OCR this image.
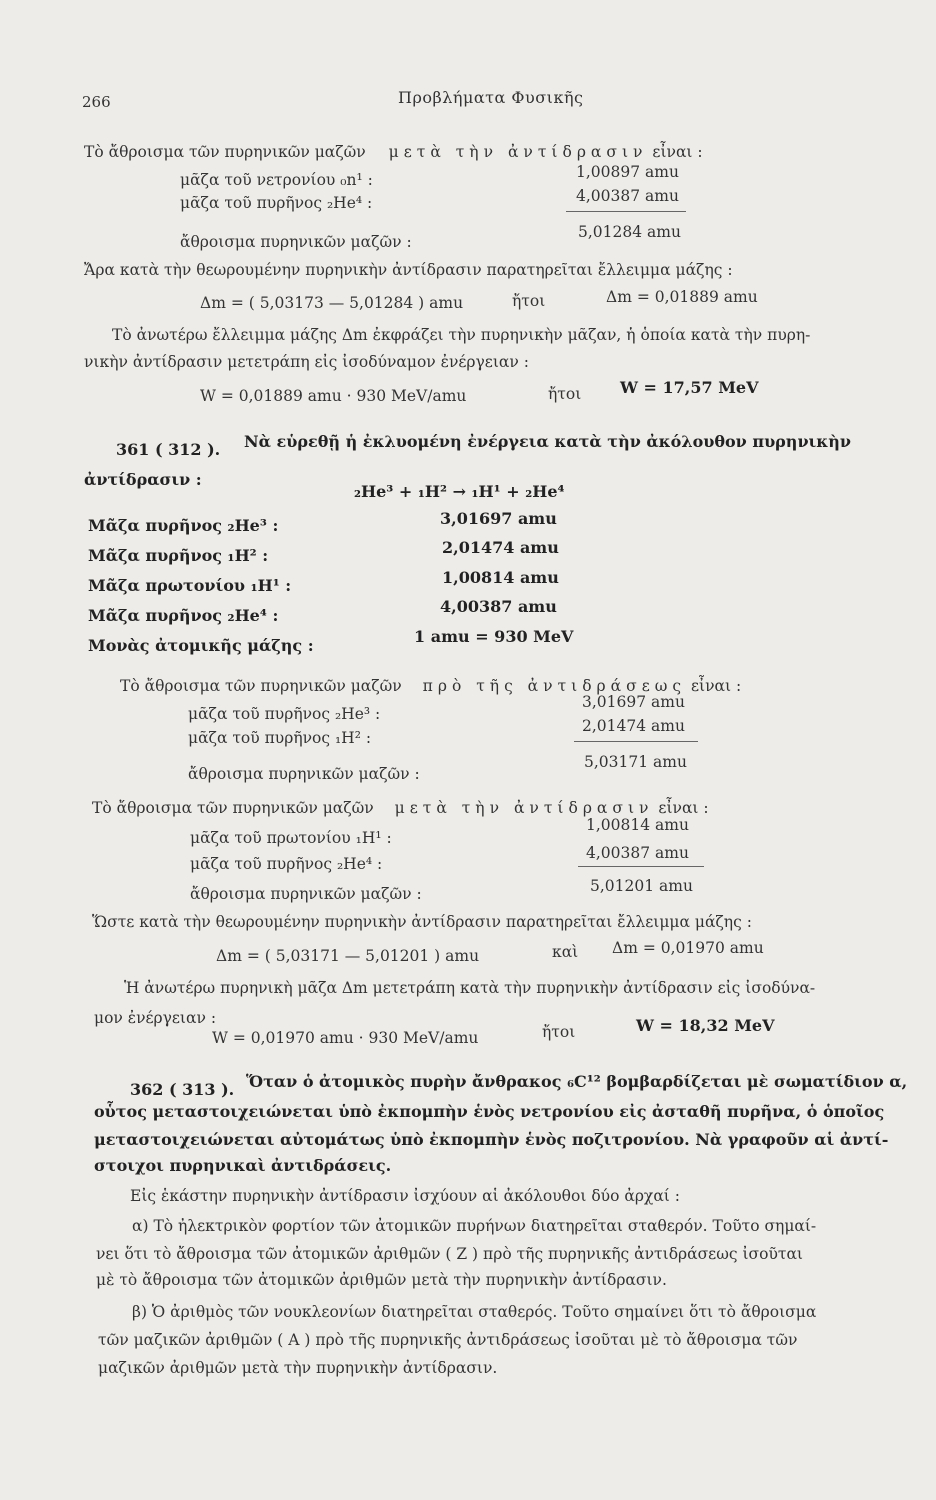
266	Προβλήματα Φυσικῆς
Τὸ ἄθροισμα τῶν πυρηνικῶν μαζῶν μετὰ τὴν ἀντίδρασιν εἶναι :
μᾶζα τοῦ νετρονίου ₀n¹ :	1,00897 amu
μᾶζα τοῦ πυρῆνος ₂He⁴ :	4,00387 amu
ἄθροισμα πυρηνικῶν μαζῶν :
5,01284 amu
Ἄρα κατὰ τὴν θεωρουμένην πυρηνικὴν ἀντίδρασιν παρατηρεῖται ἔλλειμμα μάζης :
Δm = ( 5,03173 — 5,01284 ) amu	ἤτοι	Δm = 0,01889 amu
Τὸ ἀνωτέρω ἔλλειμμα μάζης Δm ἐκφράζει τὴν πυρηνικὴν μᾶζαν, ἡ ὁποία κατὰ τὴν πυρη-
νικὴν ἀντίδρασιν μετετράπη εἰς ἰσοδύναμον ἐνέργειαν :
W = 0,01889 amu · 930 MeV/amu	ἤτοι W = 17,57 MeV
361 ( 312 ). Νὰ εὑρεθῇ ἡ ἐκλυομένη ἐνέργεια κατὰ τὴν ἀκόλουθον πυρηνικὴν
ἀντίδρασιν :
₂He³ + ₁H² → ₁H¹ + ₂He⁴
Μᾶζα πυρῆνος ₂He³ :	3,01697 amu
Μᾶζα πυρῆνος ₁H² :	2,01474 amu
Μᾶζα πρωτονίου ₁H¹ :	1,00814 amu
Μᾶζα πυρῆνος ₂He⁴ :	4,00387 amu
Μονὰς ἀτομικῆς μάζης :	1 amu = 930 MeV
Τὸ ἄθροισμα τῶν πυρηνικῶν μαζῶν πρὸ τῆς ἀντιδράσεως εἶναι :
μᾶζα τοῦ πυρῆνος ₂He³ :
3,01697 amu
μᾶζα τοῦ πυρῆνος ₁H² :
2,01474 amu
ἄθροισμα πυρηνικῶν μαζῶν :
5,03171 amu
Τὸ ἄθροισμα τῶν πυρηνικῶν μαζῶν μετὰ τὴν ἀντίδρασιν εἶναι :
μᾶζα τοῦ πρωτονίου ₁H¹ :
1,00814 amu
μᾶζα τοῦ πυρῆνος ₂He⁴ :
4,00387 amu
ἄθροισμα πυρηνικῶν μαζῶν :	5,01201 amu
Ὥστε κατὰ τὴν θεωρουμένην πυρηνικὴν ἀντίδρασιν παρατηρεῖται ἔλλειμμα μάζης :
Δm = ( 5,03171 — 5,01201 ) amu	καὶ Δm = 0,01970 amu
Ἡ ἀνωτέρω πυρηνικὴ μᾶζα Δm μετετράπη κατὰ τὴν πυρηνικὴν ἀντίδρασιν εἰς ἰσοδύνα-
μον ἐνέργειαν :
W = 0,01970 amu · 930 MeV/amu	ἤτοι	W = 18,32 MeV
362 ( 313 ). Ὅταν ὁ ἀτομικὸς πυρὴν ἄνθρακος ₆C¹² βομβαρδίζεται μὲ σωματίδιον α,
οὗτος μεταστοιχειώνεται ὑπὸ ἐκπομπὴν ἑνὸς νετρονίου εἰς ἀσταθῆ πυρῆνα, ὁ ὁποῖος
μεταστοιχειώνεται αὐτομάτως ὑπὸ ἐκπομπὴν ἑνὸς ποζιτρονίου. Νὰ γραφοῦν αἱ ἀντί-
στοιχοι πυρηνικαὶ ἀντιδράσεις.
Εἰς ἑκάστην πυρηνικὴν ἀντίδρασιν ἰσχύουν αἱ ἀκόλουθοι δύο ἀρχαί :
α) Τὸ ἠλεκτρικὸν φορτίον τῶν ἀτομικῶν πυρήνων διατηρεῖται σταθερόν. Τοῦτο σημαί-
νει ὅτι τὸ ἄθροισμα τῶν ἀτομικῶν ἀριθμῶν ( Z ) πρὸ τῆς πυρηνικῆς ἀντιδράσεως ἰσοῦται
μὲ τὸ ἄθροισμα τῶν ἀτομικῶν ἀριθμῶν μετὰ τὴν πυρηνικὴν ἀντίδρασιν.
β) Ὁ ἀριθμὸς τῶν νουκλεονίων διατηρεῖται σταθερός. Τοῦτο σημαίνει ὅτι τὸ ἄθροισμα
τῶν μαζικῶν ἀριθμῶν ( A ) πρὸ τῆς πυρηνικῆς ἀντιδράσεως ἰσοῦται μὲ τὸ ἄθροισμα τῶν
μαζικῶν ἀριθμῶν μετὰ τὴν πυρηνικὴν ἀντίδρασιν.
